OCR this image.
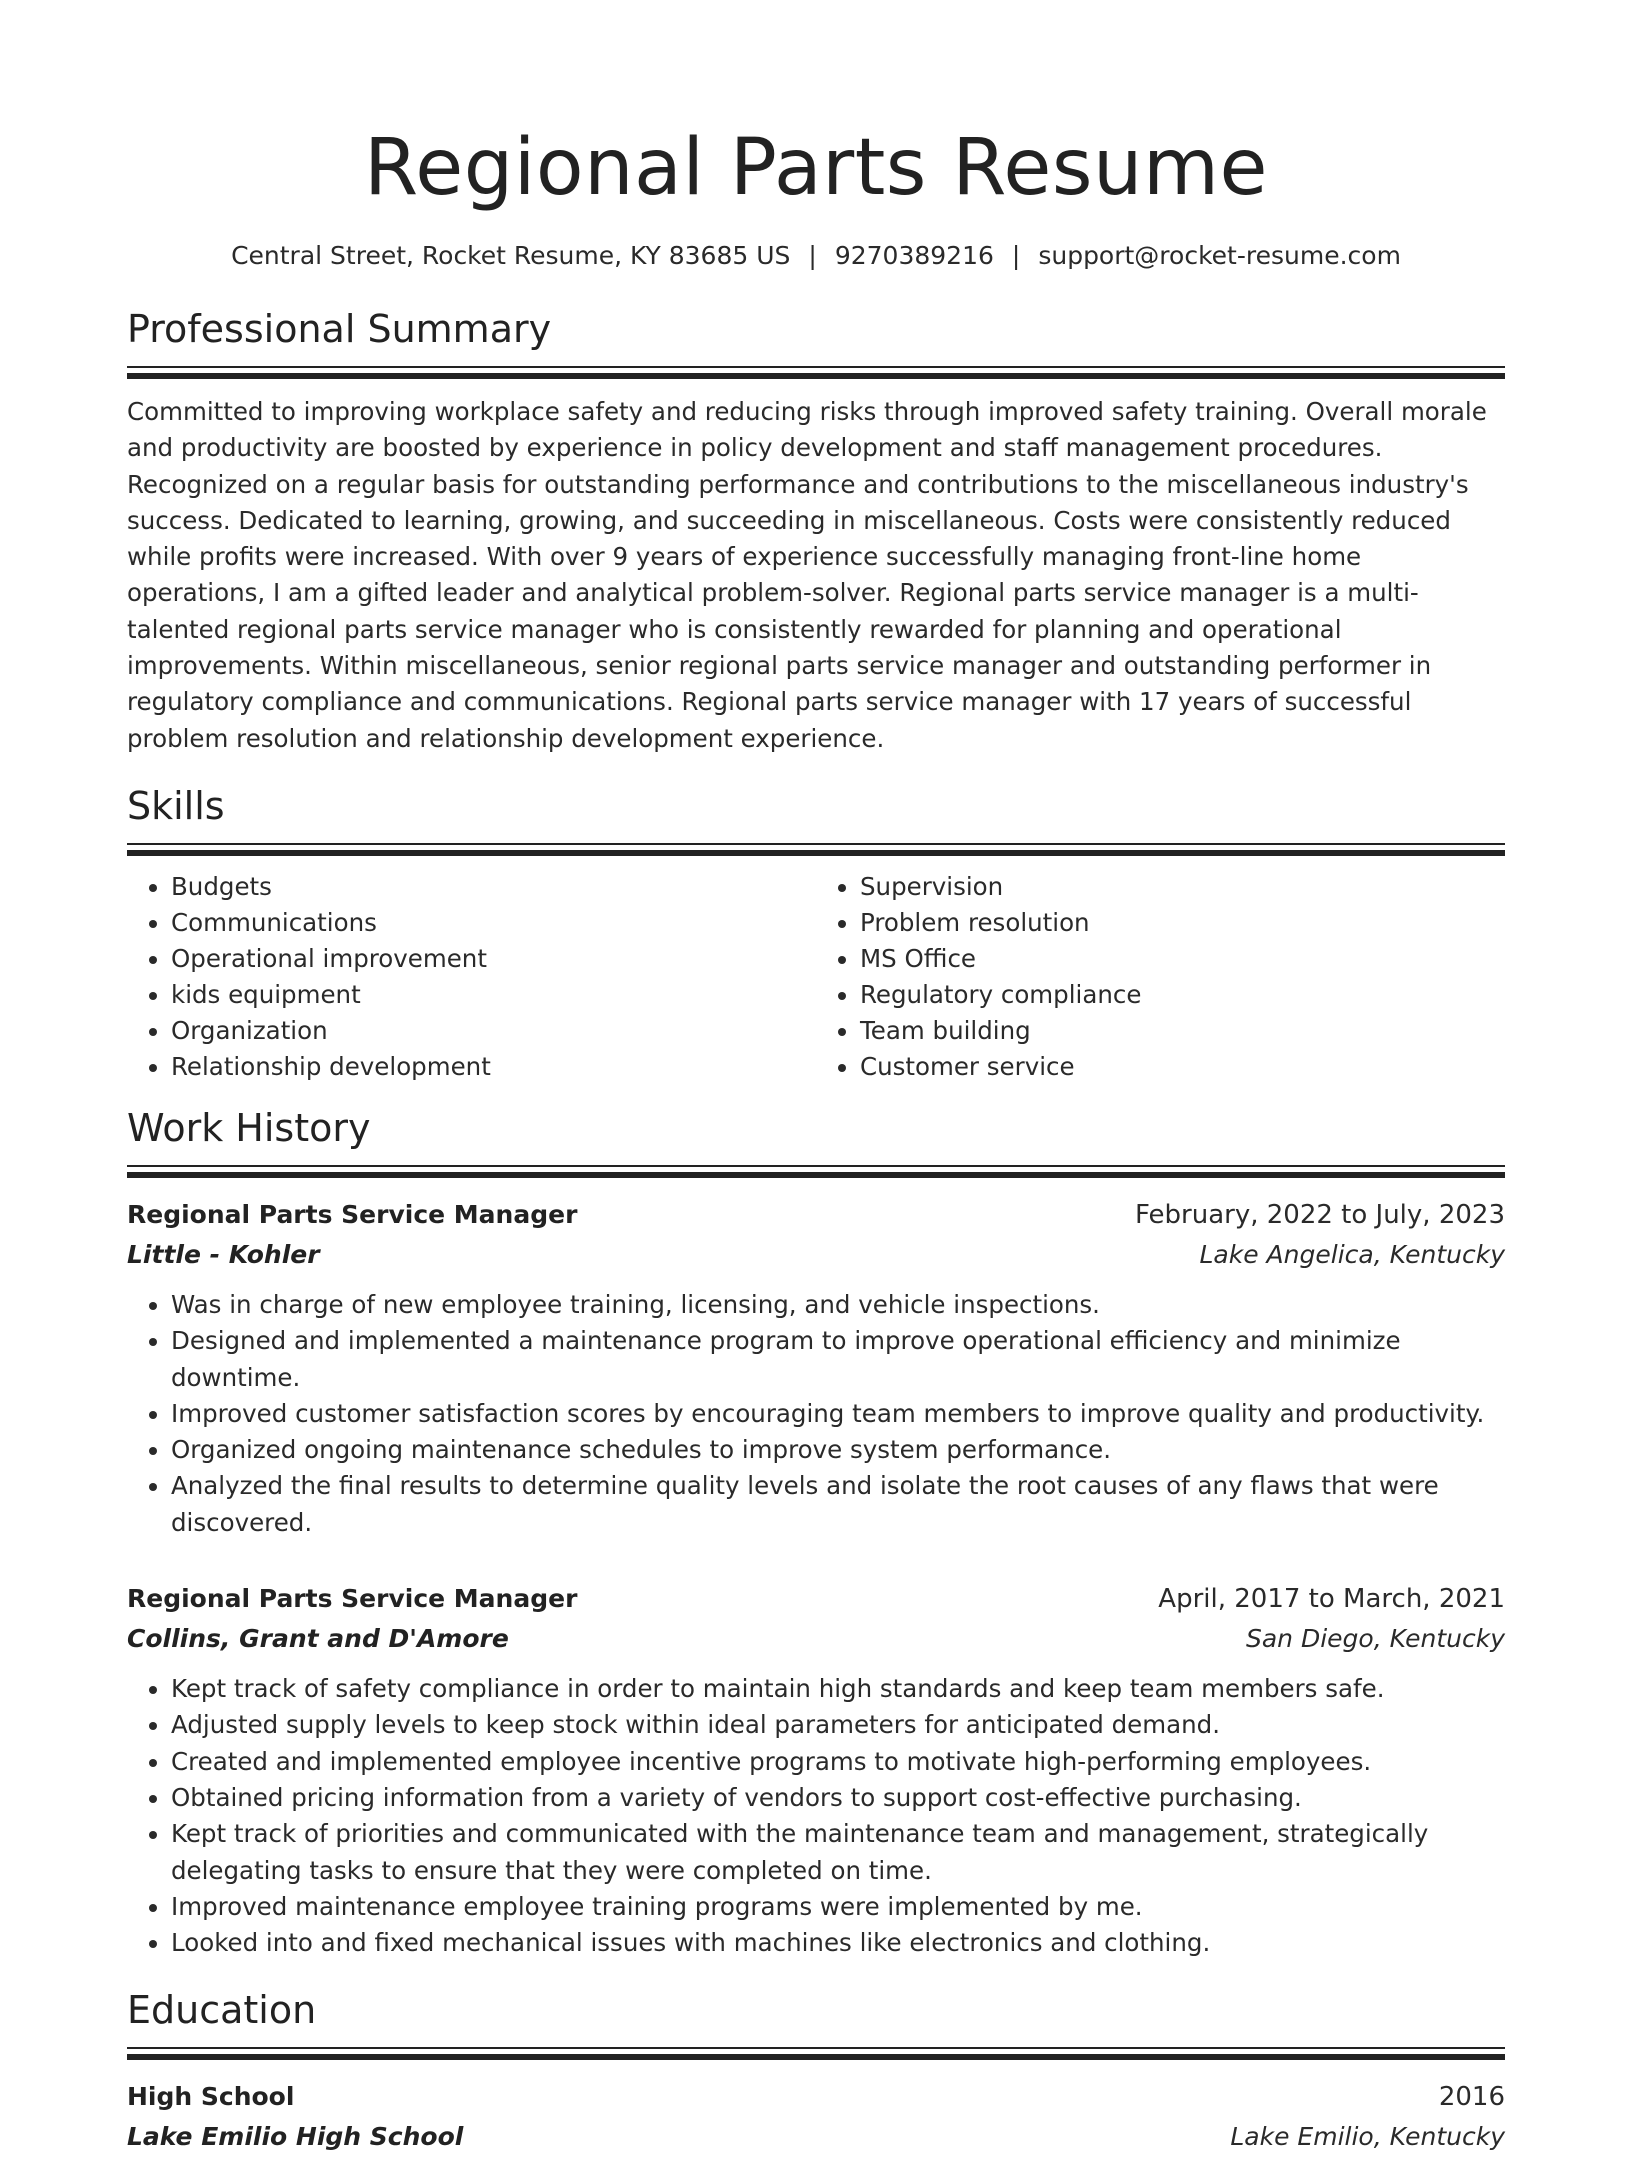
Regional Parts Resume
Central Street, Rocket Resume, KY 83685 US | 9270389216 | support@rocket-resume.com
Professional Summary

Committed to improving workplace safety and reducing risks through improved safety training. Overall morale and productivity are boosted by experience in policy development and staff management procedures. Recognized on a regular basis for outstanding performance and contributions to the miscellaneous industry's success. Dedicated to learning, growing, and succeeding in miscellaneous. Costs were consistently reduced while profits were increased. With over 9 years of experience successfully managing front-line home operations, I am a gifted leader and analytical problem-solver. Regional parts service manager is a multi-talented regional parts service manager who is consistently rewarded for planning and operational improvements. Within miscellaneous, senior regional parts service manager and outstanding performer in regulatory compliance and communications. Regional parts service manager with 17 years of successful problem resolution and relationship development experience.

Skills
• Budgets
• Communications
• Operational improvement
• kids equipment
• Organization
• Relationship development
• Supervision
• Problem resolution
• MS Office
• Regulatory compliance
• Team building
• Customer service
Work History
Regional Parts Service Manager	February, 2022 to July, 2023
Little - Kohler	Lake Angelica, Kentucky
• Was in charge of new employee training, licensing, and vehicle inspections.
• Designed and implemented a maintenance program to improve operational efficiency and minimize downtime.
• Improved customer satisfaction scores by encouraging team members to improve quality and productivity.
• Organized ongoing maintenance schedules to improve system performance.
• Analyzed the final results to determine quality levels and isolate the root causes of any flaws that were discovered.
Regional Parts Service Manager	April, 2017 to March, 2021
Collins, Grant and D'Amore	San Diego, Kentucky
• Kept track of safety compliance in order to maintain high standards and keep team members safe.
• Adjusted supply levels to keep stock within ideal parameters for anticipated demand.
• Created and implemented employee incentive programs to motivate high-performing employees.
• Obtained pricing information from a variety of vendors to support cost-effective purchasing.
• Kept track of priorities and communicated with the maintenance team and management, strategically delegating tasks to ensure that they were completed on time.
• Improved maintenance employee training programs were implemented by me.
• Looked into and fixed mechanical issues with machines like electronics and clothing.
Education
High School	2016
Lake Emilio High School	Lake Emilio, Kentucky
